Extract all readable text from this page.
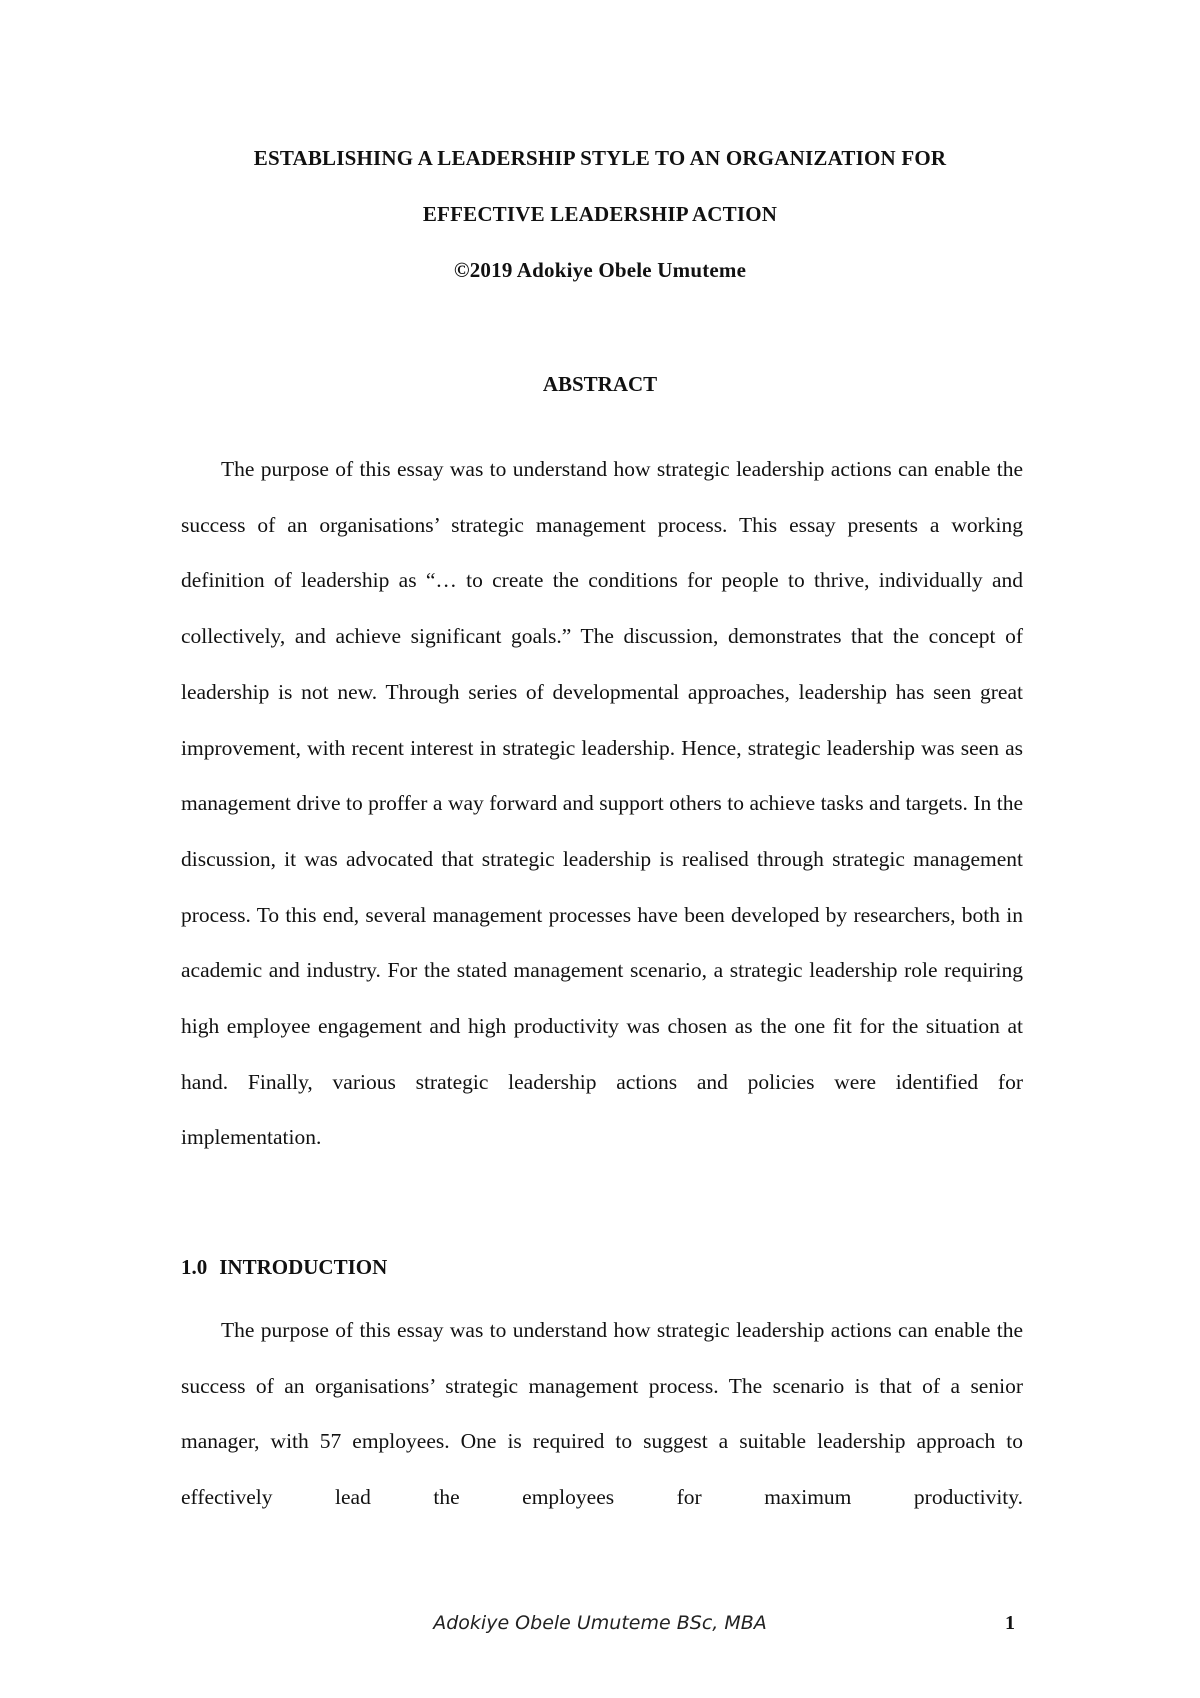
ESTABLISHING A LEADERSHIP STYLE TO AN ORGANIZATION FOR
EFFECTIVE LEADERSHIP ACTION
©2019 Adokiye Obele Umuteme
ABSTRACT

The purpose of this essay was to understand how strategic leadership actions can enable the success of an organisations’ strategic management process. This essay presents a working definition of leadership as “… to create the conditions for people to thrive, individually and collectively, and achieve significant goals.” The discussion, demonstrates that the concept of leadership is not new. Through series of developmental approaches, leadership has seen great improvement, with recent interest in strategic leadership. Hence, strategic leadership was seen as management drive to proffer a way forward and support others to achieve tasks and targets. In the discussion, it was advocated that strategic leadership is realised through strategic management process. To this end, several management processes have been developed by researchers, both in academic and industry. For the stated management scenario, a strategic leadership role requiring high employee engagement and high productivity was chosen as the one fit for the situation at hand. Finally, various strategic leadership actions and policies were identified for implementation.

1.0 INTRODUCTION

The purpose of this essay was to understand how strategic leadership actions can enable the success of an organisations’ strategic management process. The scenario is that of a senior manager, with 57 employees. One is required to suggest a suitable leadership approach to effectively lead the employees for maximum productivity.

Adokiye Obele Umuteme BSc, MBA	1
